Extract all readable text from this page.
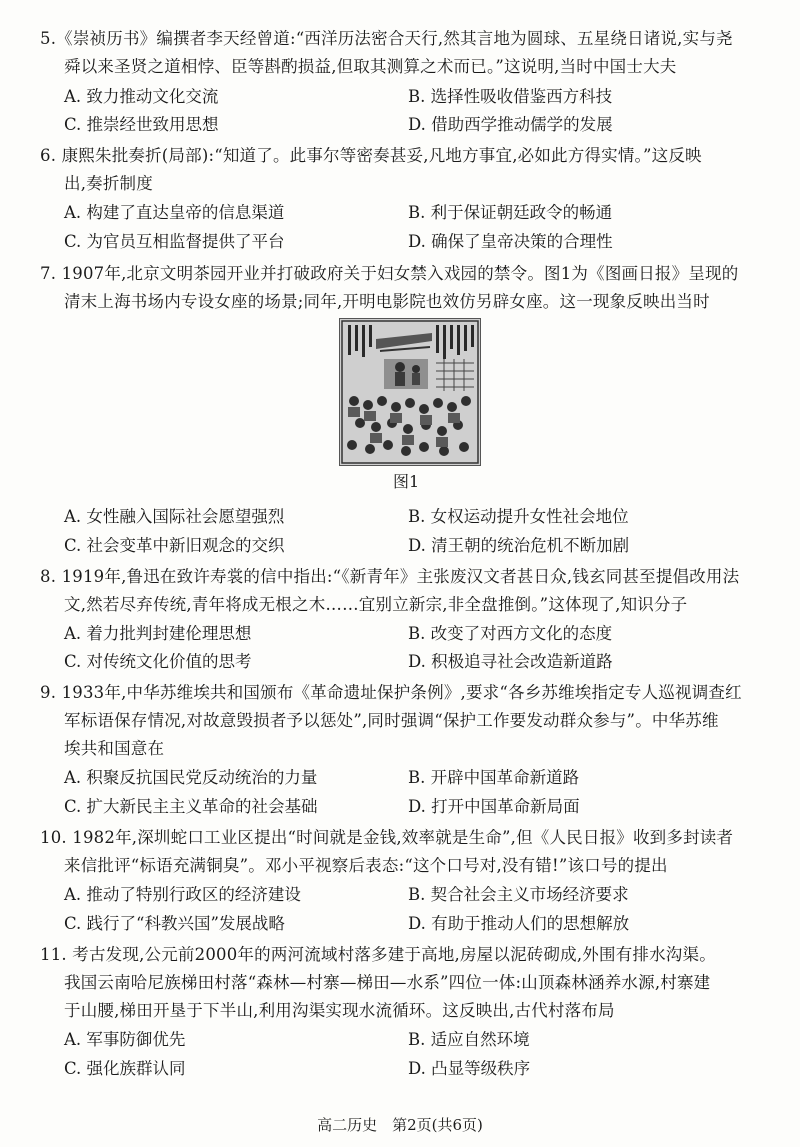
5.《崇祯历书》编撰者李天经曾道:“西洋历法密合天行,然其言地为圆球、五星绕日诸说,实与尧
舜以来圣贤之道相悖、臣等斟酌损益,但取其测算之术而已。”这说明,当时中国士大夫
A. 致力推动文化交流	B. 选择性吸收借鉴西方科技
C. 推崇经世致用思想	D. 借助西学推动儒学的发展
6. 康熙朱批奏折(局部):“知道了。此事尔等密奏甚妥,凡地方事宜,必如此方得实情。”这反映
出,奏折制度
A. 构建了直达皇帝的信息渠道	B. 利于保证朝廷政令的畅通
C. 为官员互相监督提供了平台	D. 确保了皇帝决策的合理性
7. 1907年,北京文明茶园开业并打破政府关于妇女禁入戏园的禁令。图1为《图画日报》呈现的
清末上海书场内专设女座的场景;同年,开明电影院也效仿另辟女座。这一现象反映出当时
图1
A. 女性融入国际社会愿望强烈	B. 女权运动提升女性社会地位
C. 社会变革中新旧观念的交织	D. 清王朝的统治危机不断加剧
8. 1919年,鲁迅在致许寿裳的信中指出:“《新青年》主张废汉文者甚日众,钱玄同甚至提倡改用法
文,然若尽弃传统,青年将成无根之木……宜别立新宗,非全盘推倒。”这体现了,知识分子
A. 着力批判封建伦理思想	B. 改变了对西方文化的态度
C. 对传统文化价值的思考	D. 积极追寻社会改造新道路
9. 1933年,中华苏维埃共和国颁布《革命遗址保护条例》,要求“各乡苏维埃指定专人巡视调查红
军标语保存情况,对故意毁损者予以惩处”,同时强调“保护工作要发动群众参与”。中华苏维
埃共和国意在
A. 积聚反抗国民党反动统治的力量	B. 开辟中国革命新道路
C. 扩大新民主主义革命的社会基础	D. 打开中国革命新局面
10. 1982年,深圳蛇口工业区提出“时间就是金钱,效率就是生命”,但《人民日报》收到多封读者
来信批评“标语充满铜臭”。邓小平视察后表态:“这个口号对,没有错!”该口号的提出
A. 推动了特别行政区的经济建设	B. 契合社会主义市场经济要求
C. 践行了“科教兴国”发展战略	D. 有助于推动人们的思想解放
11. 考古发现,公元前2000年的两河流域村落多建于高地,房屋以泥砖砌成,外围有排水沟渠。
我国云南哈尼族梯田村落“森林—村寨—梯田—水系”四位一体:山顶森林涵养水源,村寨建
于山腰,梯田开垦于下半山,利用沟渠实现水流循环。这反映出,古代村落布局
A. 军事防御优先	B. 适应自然环境
C. 强化族群认同	D. 凸显等级秩序
高二历史　第2页(共6页)
